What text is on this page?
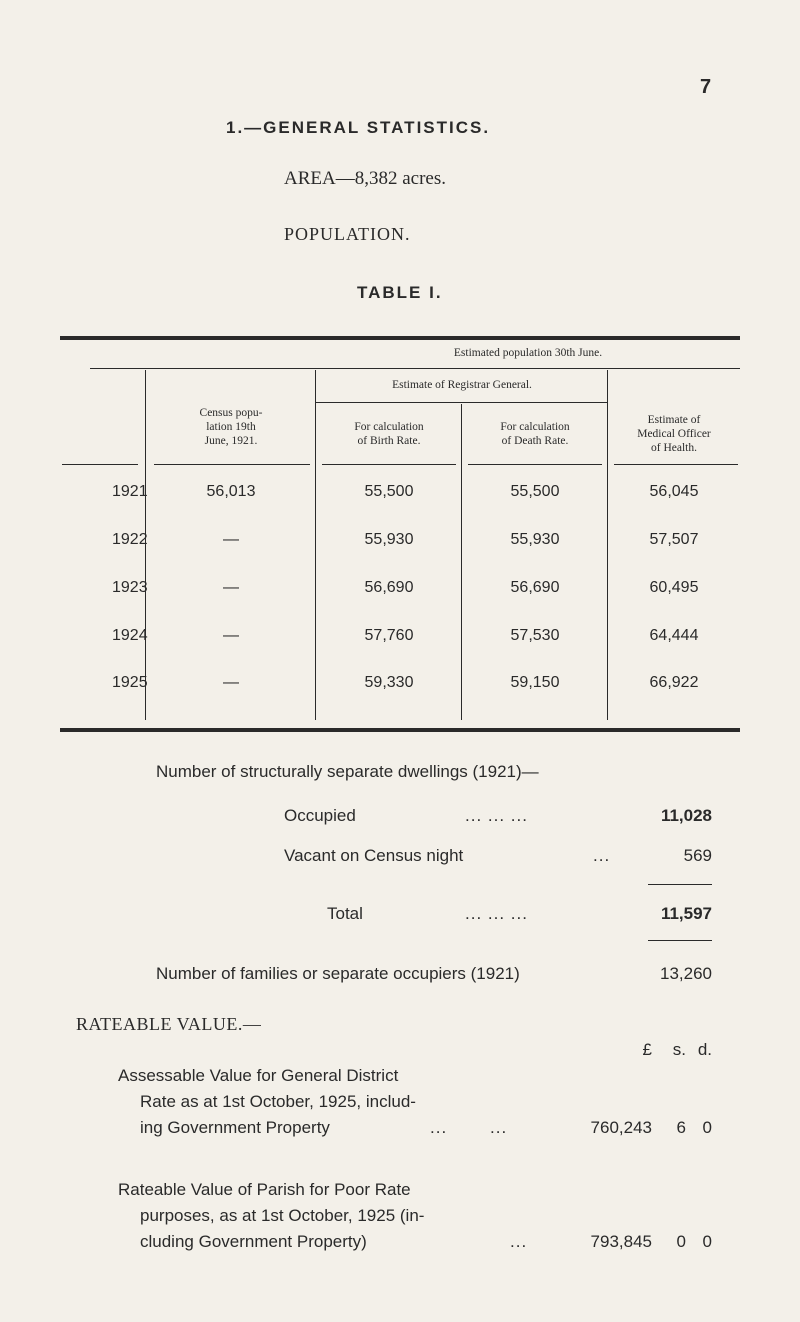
7
1.—GENERAL STATISTICS.
AREA—8,382 acres.
POPULATION.
TABLE I.
Estimated population 30th June.
Estimate of Registrar General.
Census popu-
lation 19th
June, 1921.
For calculation
of Birth Rate.
For calculation
of Death Rate.
Estimate of
Medical Officer
of Health.
1921	56,013	55,500	55,500	56,045
1922	—	55,930	55,930	57,507
1923	—	56,690	56,690	60,495
1924	—	57,760	57,530	64,444
1925	—	59,330	59,150	66,922
Number of structurally separate dwellings (1921)—
Occupied	... ... ...	11,028
Vacant on Census night	...	569
Total	... ... ...	11,597
Number of families or separate occupiers (1921)	13,260
RATEABLE VALUE.—
£	s. d.
Assessable Value for General District
Rate as at 1st October, 1925, includ-
ing Government Property	...	...	760,243	6 0
Rateable Value of Parish for Poor Rate
purposes, as at 1st October, 1925 (in-
cluding Government Property)	...	793,845	0 0
